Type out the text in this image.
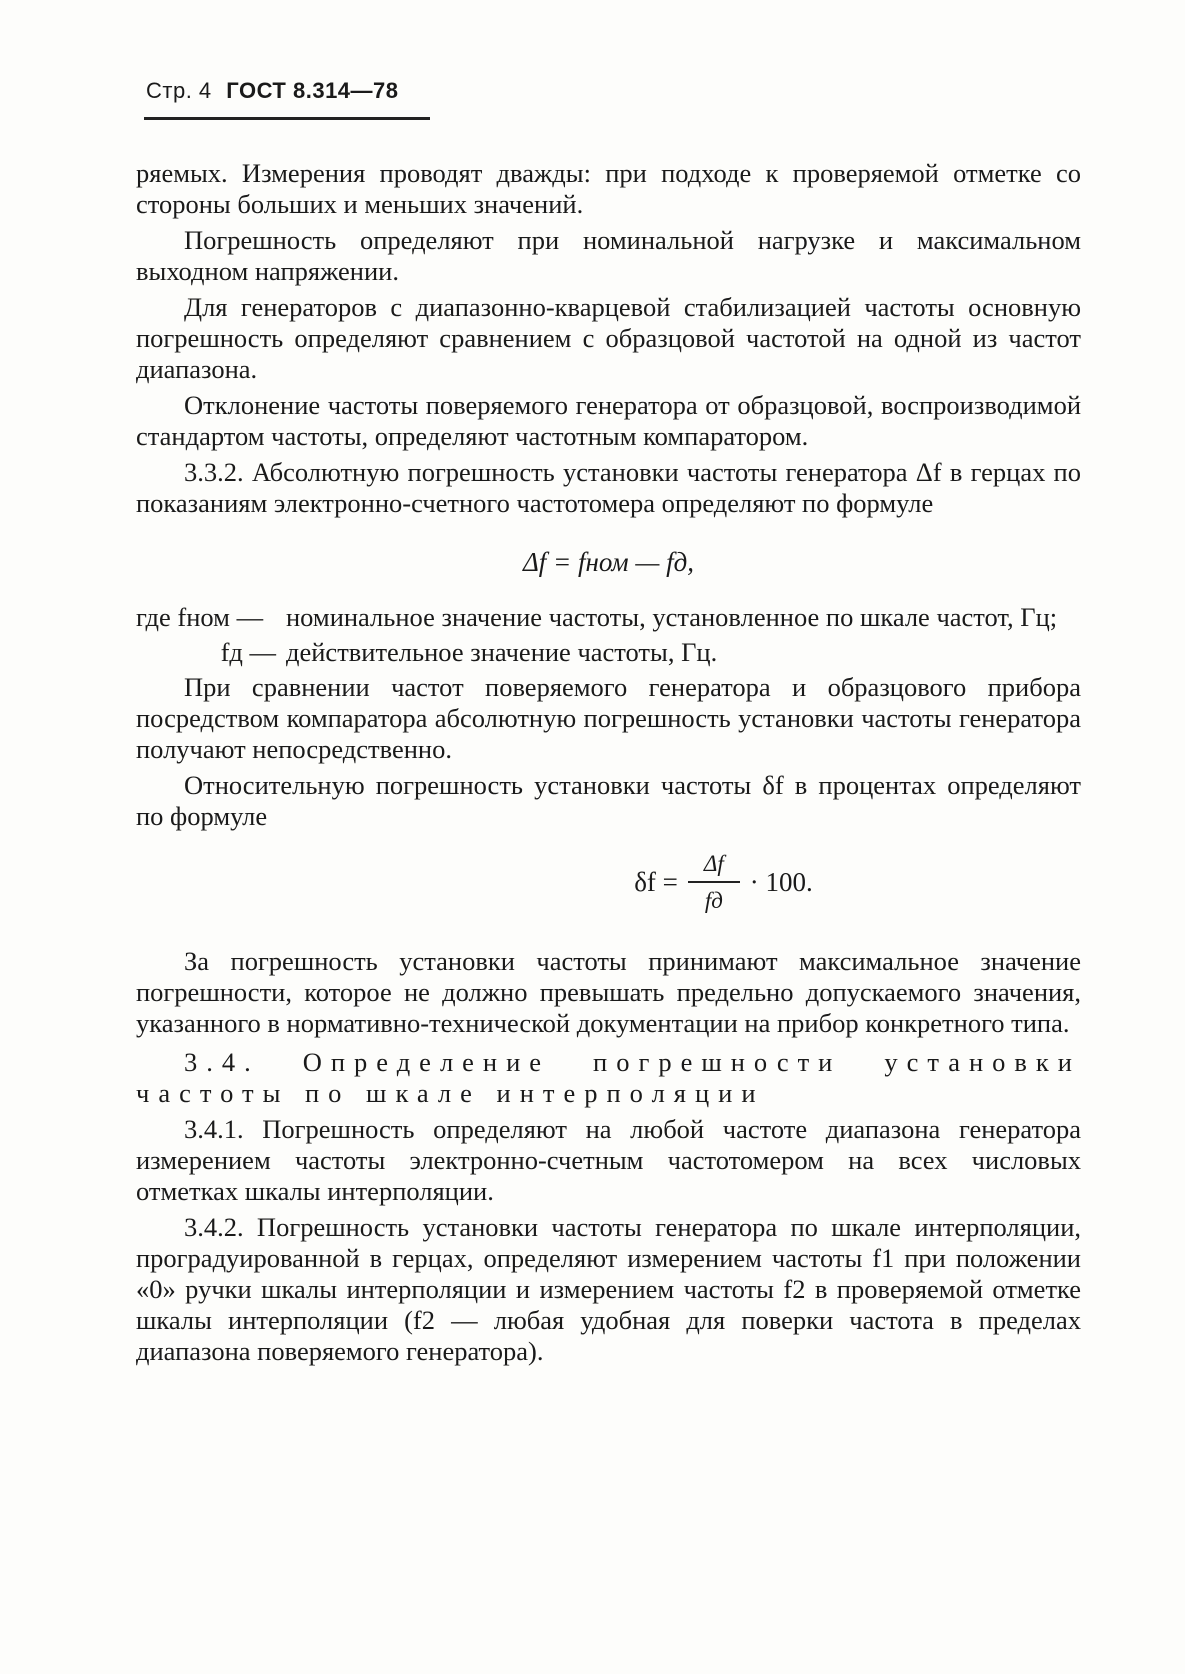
Стр. 4 ГОСТ 8.314—78

ряемых. Измерения проводят дважды: при подходе к проверяемой отметке со стороны больших и меньших значений.

Погрешность определяют при номинальной нагрузке и максимальном выходном напряжении.

Для генераторов с диапазонно-кварцевой стабилизацией частоты основную погрешность определяют сравнением с образцовой частотой на одной из частот диапазона.

Отклонение частоты поверяемого генератора от образцовой, воспроизводимой стандартом частоты, определяют частотным компаратором.

3.3.2. Абсолютную погрешность установки частоты генератора Δf в герцах по показаниям электронно-счетного частотомера определяют по формуле

Δf = fном — fд,
где fном — номинальное значение частоты, установленное по шкале частот, Гц;
fд — действительное значение частоты, Гц.

При сравнении частот поверяемого генератора и образцового прибора посредством компаратора абсолютную погрешность установки частоты генератора получают непосредственно.

Относительную погрешность установки частоты δf в процентах определяют по формуле

$\delta f = \frac{\Delta f}{fд} \cdot 100$.

За погрешность установки частоты принимают максимальное значение погрешности, которое не должно превышать предельно допускаемого значения, указанного в нормативно-технической документации на прибор конкретного типа.

3.4. Определение погрешности установки частоты по шкале интерполяции

3.4.1. Погрешность определяют на любой частоте диапазона генератора измерением частоты электронно-счетным частотомером на всех числовых отметках шкалы интерполяции.

3.4.2. Погрешность установки частоты генератора по шкале интерполяции, проградуированной в герцах, определяют измерением частоты f1 при положении «0» ручки шкалы интерполяции и измерением частоты f2 в проверяемой отметке шкалы интерполяции (f2 — любая удобная для поверки частота в пределах диапазона поверяемого генератора).
